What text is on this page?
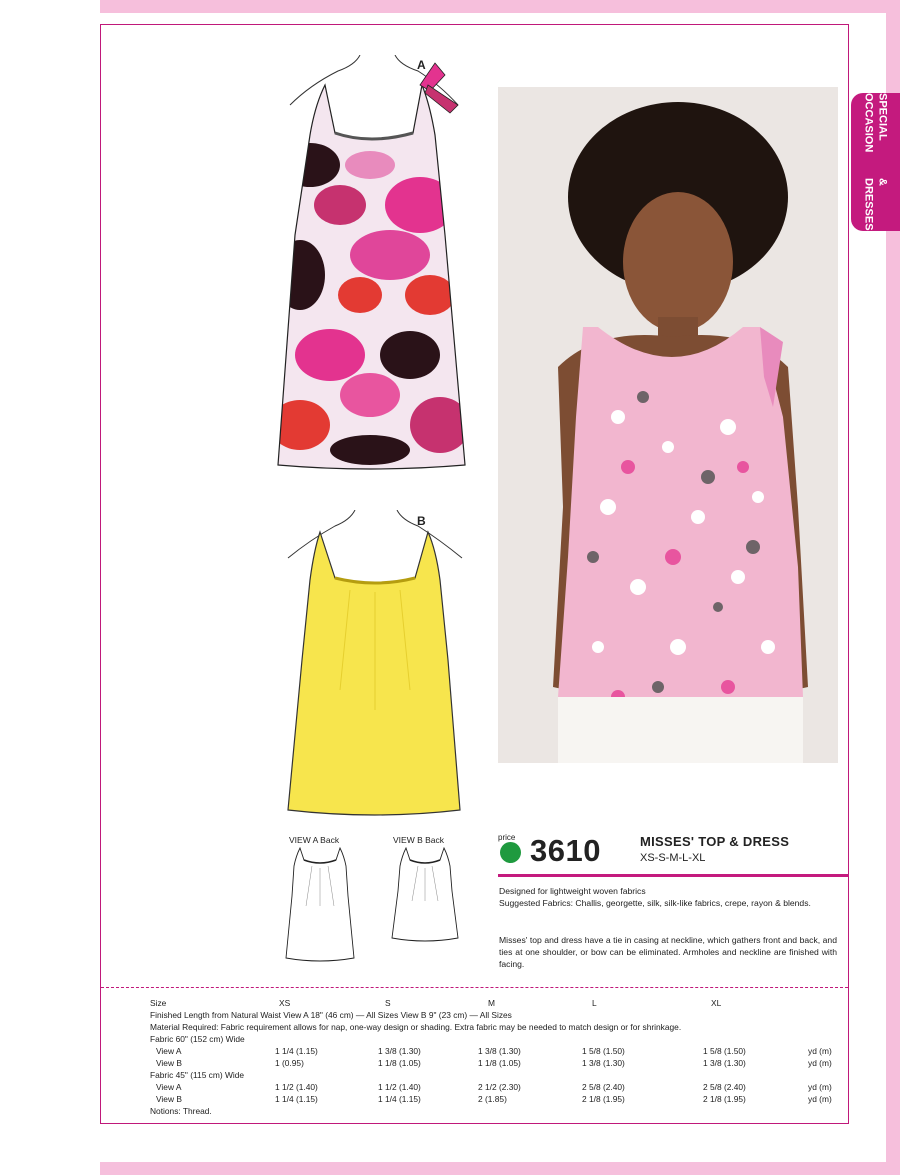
SPECIAL OCCASION
& DRESSES
A
B
VIEW A Back	VIEW B Back	price 3610	MISSES' TOP & DRESS
XS-S-M-L-XL
Designed for lightweight woven fabrics
Suggested Fabrics: Challis, georgette, silk, silk-like fabrics, crepe, rayon & blends.
Misses' top and dress have a tie in casing at neckline, which gathers front and back, and ties at one shoulder, or bow can be eliminated. Armholes and neckline are finished with facing.
Size	XS	S	M	L	XL
Finished Length from Natural Waist View A 18" (46 cm) — All Sizes View B 9" (23 cm) — All Sizes
Material Required: Fabric requirement allows for nap, one-way design or shading. Extra fabric may be needed to match design or for shrinkage.
Fabric 60" (152 cm) Wide
View A	1 1/4 (1.15)	1 3/8 (1.30)	1 3/8 (1.30)	1 5/8 (1.50)	1 5/8 (1.50)	yd (m)
View B	1 (0.95)	1 1/8 (1.05)	1 1/8 (1.05)	1 3/8 (1.30)	1 3/8 (1.30)	yd (m)
Fabric 45" (115 cm) Wide
View A	1 1/2 (1.40)	1 1/2 (1.40)	2 1/2 (2.30)	2 5/8 (2.40)	2 5/8 (2.40)	yd (m)
View B	1 1/4 (1.15)	1 1/4 (1.15)	2 (1.85)	2 1/8 (1.95)	2 1/8 (1.95)	yd (m)
Notions: Thread.
